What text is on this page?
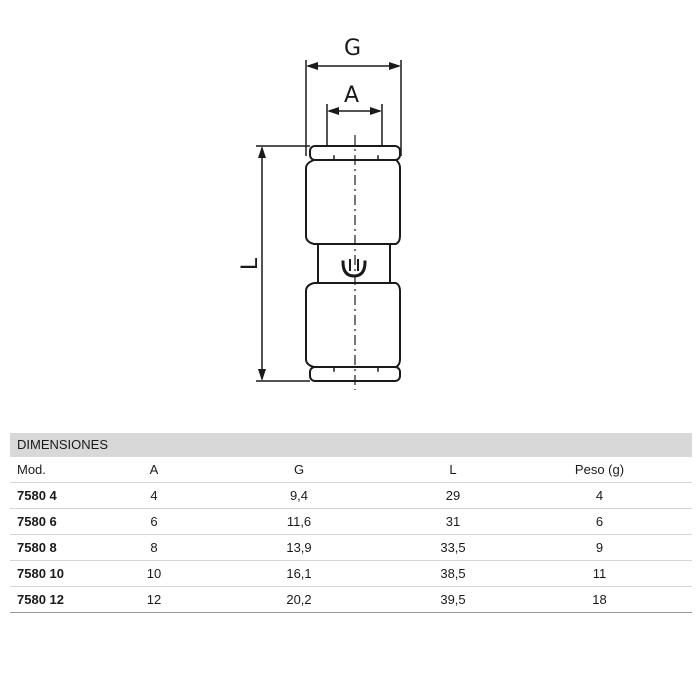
G
A
L
DIMENSIONES
Mod.	A	G	L	Peso (g)
7580 4	4	9,4	29	4
7580 6	6	11,6	31	6
7580 8	8	13,9	33,5	9
7580 10	10	16,1	38,5	11
7580 12	12	20,2	39,5	18
